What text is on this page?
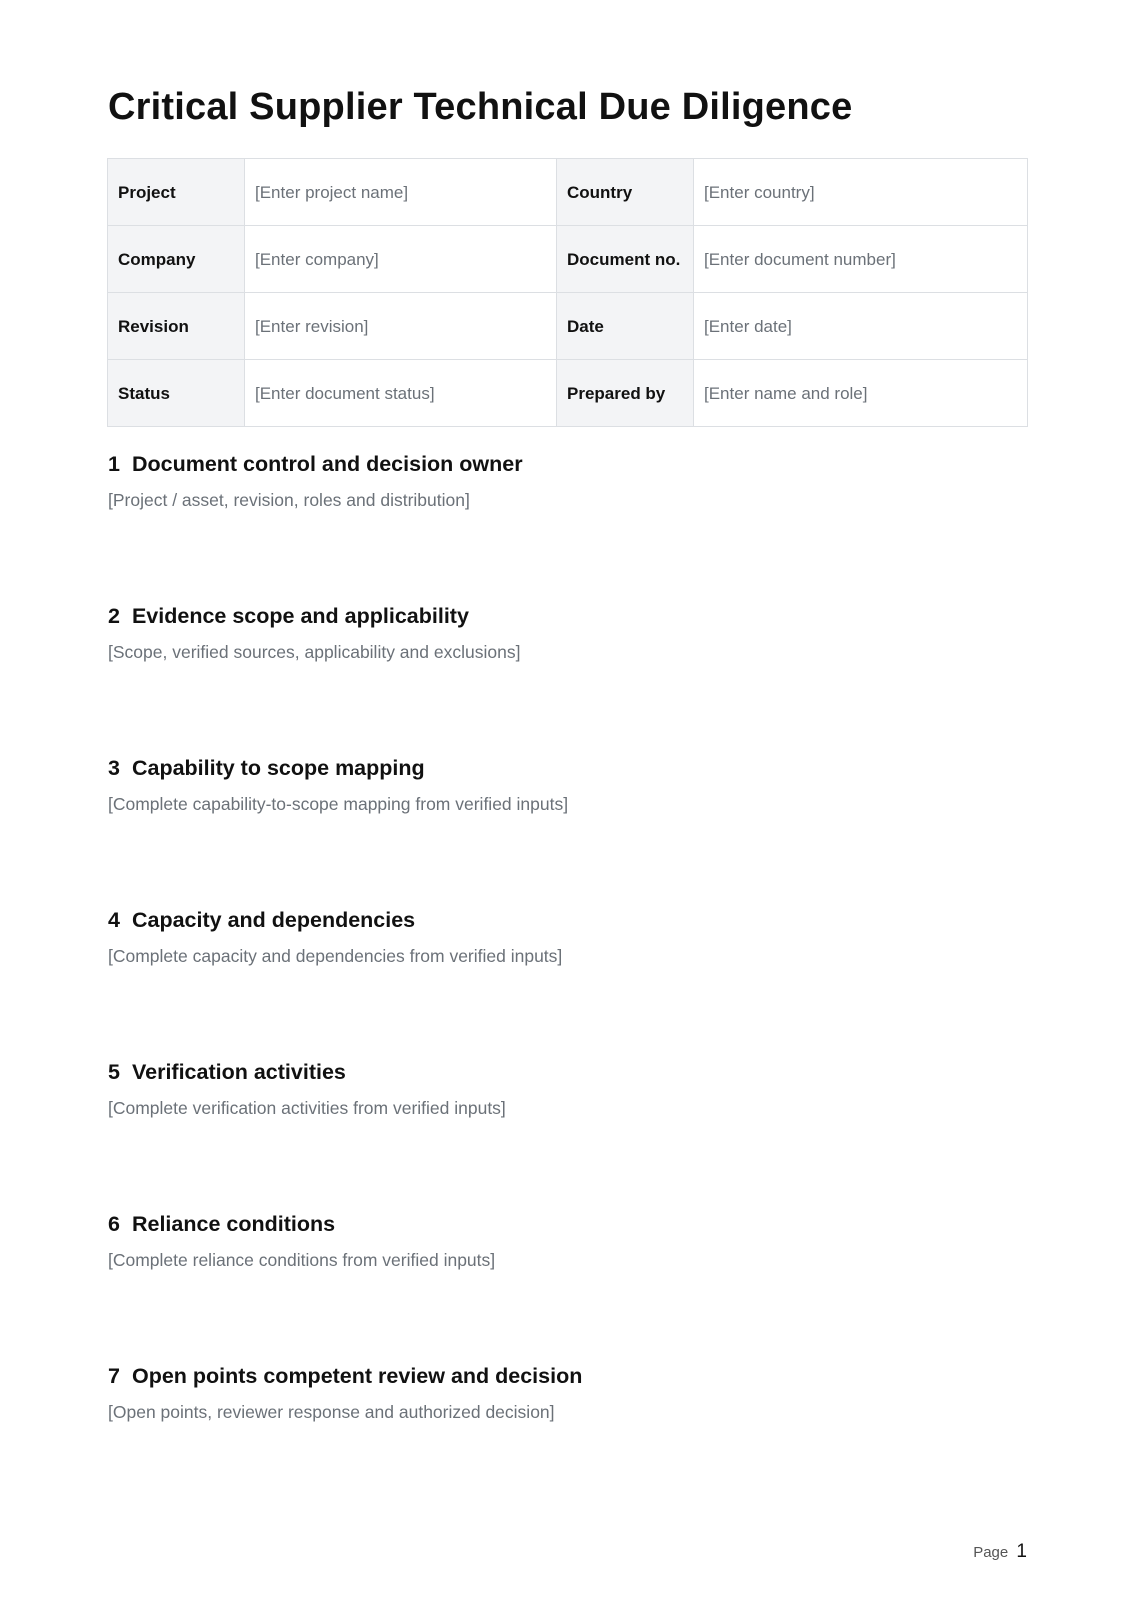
Critical Supplier Technical Due Diligence
Project	[Enter project name]	Country	[Enter country]
Company	[Enter company]	Document no.	[Enter document number]
Revision	[Enter revision]	Date	[Enter date]
Status	[Enter document status]	Prepared by	[Enter name and role]
1 Document control and decision owner

[Project / asset, revision, roles and distribution]

2 Evidence scope and applicability

[Scope, verified sources, applicability and exclusions]

3 Capability to scope mapping

[Complete capability-to-scope mapping from verified inputs]

4 Capacity and dependencies

[Complete capacity and dependencies from verified inputs]

5 Verification activities

[Complete verification activities from verified inputs]

6 Reliance conditions

[Complete reliance conditions from verified inputs]

7 Open points competent review and decision

[Open points, reviewer response and authorized decision]

Page 1
